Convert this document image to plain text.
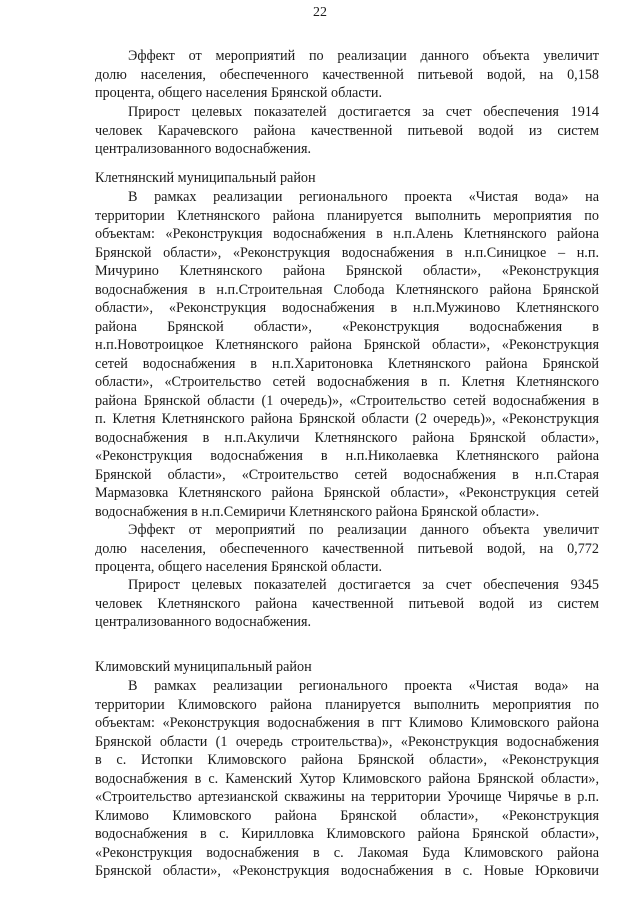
22
Эффект от мероприятий по реализации данного объекта увеличит
долю населения, обеспеченного качественной питьевой водой, на 0,158
процента, общего населения Брянской области.
Прирост целевых показателей достигается за счет обеспечения 1914
человек Карачевского района качественной питьевой водой из систем
централизованного водоснабжения.
Клетнянский муниципальный район
В рамках реализации регионального проекта «Чистая вода» на
территории Клетнянского района планируется выполнить мероприятия по
объектам: «Реконструкция водоснабжения в н.п.Алень Клетнянского района
Брянской области», «Реконструкция водоснабжения в н.п.Синицкое – н.п.
Мичурино Клетнянского района Брянской области», «Реконструкция
водоснабжения в н.п.Строительная Слобода Клетнянского района Брянской
области», «Реконструкция водоснабжения в н.п.Мужиново Клетнянского
района Брянской области», «Реконструкция водоснабжения в
н.п.Новотроицкое Клетнянского района Брянской области», «Реконструкция
сетей водоснабжения в н.п.Харитоновка Клетнянского района Брянской
области», «Строительство сетей водоснабжения в п. Клетня Клетнянского
района Брянской области (1 очередь)», «Строительство сетей водоснабжения в
п. Клетня Клетнянского района Брянской области (2 очередь)», «Реконструкция
водоснабжения в н.п.Акуличи Клетнянского района Брянской области»,
«Реконструкция водоснабжения в н.п.Николаевка Клетнянского района
Брянской области», «Строительство сетей водоснабжения в н.п.Старая
Мармазовка Клетнянского района Брянской области», «Реконструкция сетей
водоснабжения в н.п.Семиричи Клетнянского района Брянской области».
Эффект от мероприятий по реализации данного объекта увеличит
долю населения, обеспеченного качественной питьевой водой, на 0,772
процента, общего населения Брянской области.
Прирост целевых показателей достигается за счет обеспечения 9345
человек Клетнянского района качественной питьевой водой из систем
централизованного водоснабжения.
Климовский муниципальный район
В рамках реализации регионального проекта «Чистая вода» на
территории Климовского района планируется выполнить мероприятия по
объектам: «Реконструкция водоснабжения в пгт Климово Климовского района
Брянской области (1 очередь строительства)», «Реконструкция водоснабжения
в с. Истопки Климовского района Брянской области», «Реконструкция
водоснабжения в с. Каменский Хутор Климовского района Брянской области»,
«Строительство артезианской скважины на территории Урочище Чирячье в р.п.
Климово Климовского района Брянской области», «Реконструкция
водоснабжения в с. Кирилловка Климовского района Брянской области»,
«Реконструкция водоснабжения в с. Лакомая Буда Климовского района
Брянской области», «Реконструкция водоснабжения в с. Новые Юрковичи
